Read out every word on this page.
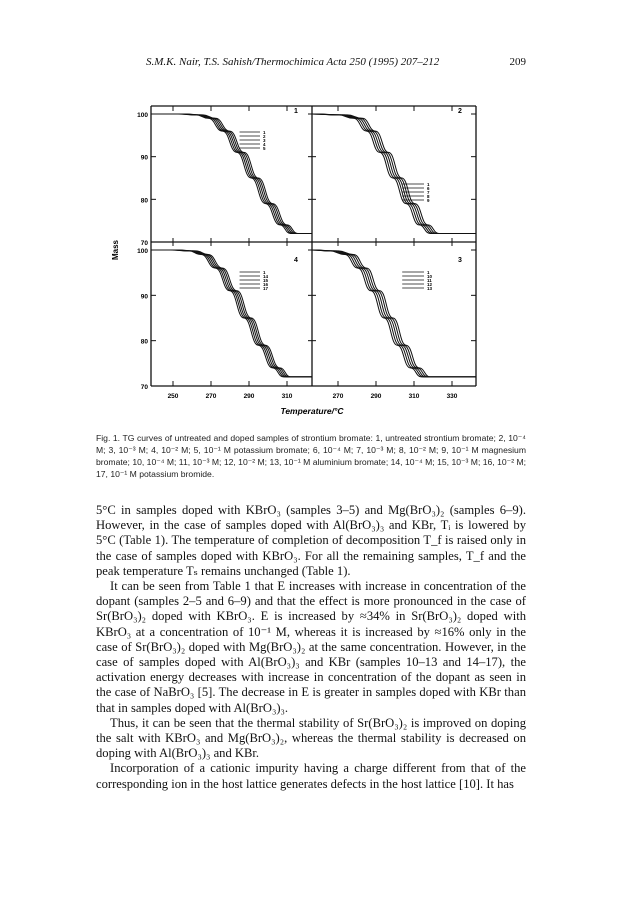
S.M.K. Nair, T.S. Sahish/Thermochimica Acta 250 (1995) 207–212	209
1
1
2
3
4
5
2
1
6
7
8
9
4
1
14
15
16
17
3
1
10
11
12
13
100
90
80
70
100
90
80
70
250	270	290	310	270	290	310	330
Mass
Temperature/°C
Fig. 1. TG curves of untreated and doped samples of strontium bromate: 1, untreated strontium bromate; 2, 10⁻⁴ M; 3, 10⁻³ M; 4, 10⁻² M; 5, 10⁻¹ M potassium bromate; 6, 10⁻⁴ M; 7, 10⁻³ M; 8, 10⁻² M; 9, 10⁻¹ M magnesium bromate; 10, 10⁻⁴ M; 11, 10⁻³ M; 12, 10⁻² M; 13, 10⁻¹ M aluminium bromate; 14, 10⁻⁴ M; 15, 10⁻³ M; 16, 10⁻² M; 17, 10⁻¹ M potassium bromide.

5°C in samples doped with KBrO₃ (samples 3–5) and Mg(BrO₃)₂ (samples 6–9). However, in the case of samples doped with Al(BrO₃)₃ and KBr, Tᵢ is lowered by 5°C (Table 1). The temperature of completion of decomposition T_f is raised only in the case of samples doped with KBrO₃. For all the remaining samples, T_f and the peak temperature Tₛ remains unchanged (Table 1).

It can be seen from Table 1 that E increases with increase in concentration of the dopant (samples 2–5 and 6–9) and that the effect is more pronounced in the case of Sr(BrO₃)₂ doped with KBrO₃. E is increased by ≈34% in Sr(BrO₃)₂ doped with KBrO₃ at a concentration of 10⁻¹ M, whereas it is increased by ≈16% only in the case of Sr(BrO₃)₂ doped with Mg(BrO₃)₂ at the same concentration. However, in the case of samples doped with Al(BrO₃)₃ and KBr (samples 10–13 and 14–17), the activation energy decreases with increase in concentration of the dopant as seen in the case of NaBrO₃ [5]. The decrease in E is greater in samples doped with KBr than that in samples doped with Al(BrO₃)₃.

Thus, it can be seen that the thermal stability of Sr(BrO₃)₂ is improved on doping the salt with KBrO₃ and Mg(BrO₃)₂, whereas the thermal stability is decreased on doping with Al(BrO₃)₃ and KBr.

Incorporation of a cationic impurity having a charge different from that of the corresponding ion in the host lattice generates defects in the host lattice [10]. It has
